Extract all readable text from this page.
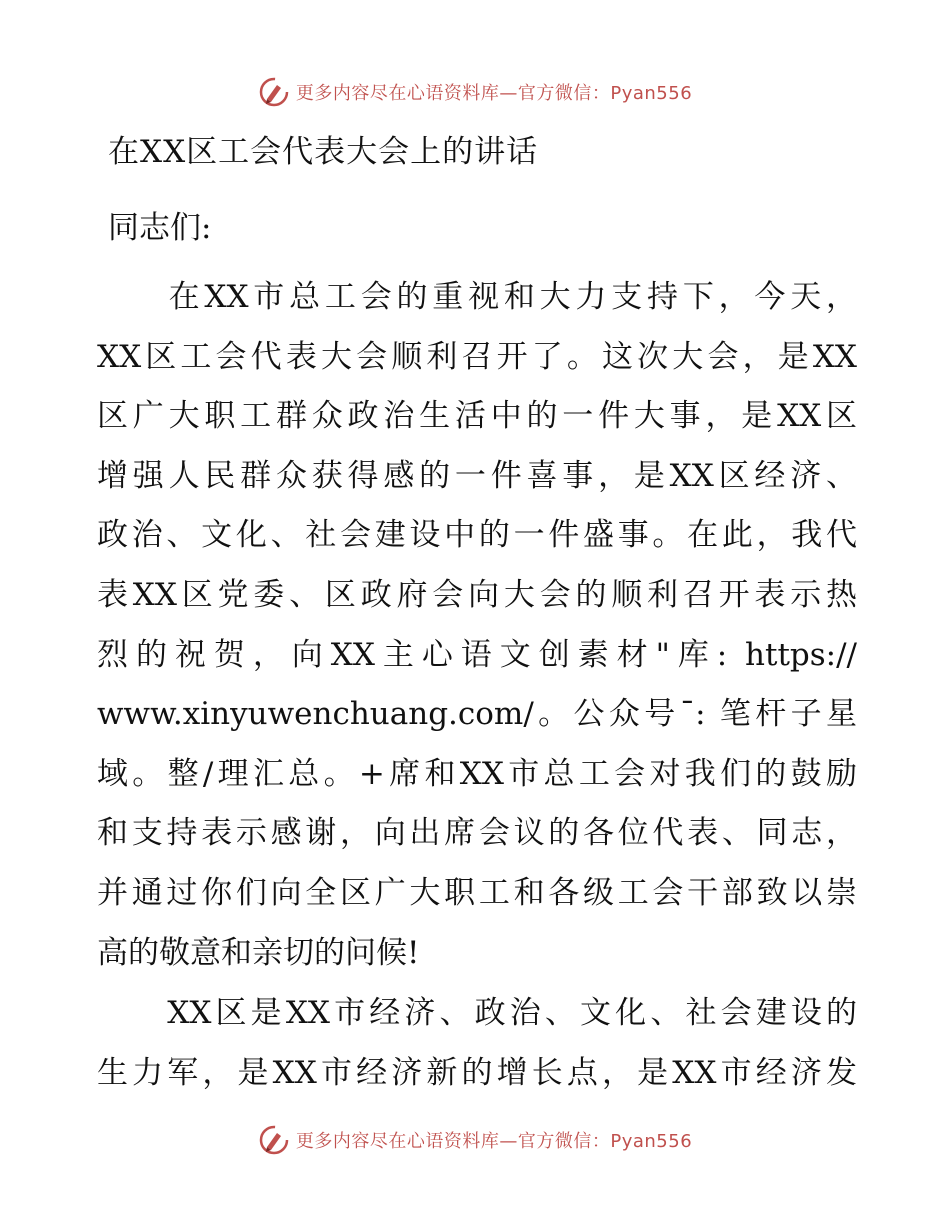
更多内容尽在心语资料库—官方微信：Pyan556
在XX区工会代表大会上的讲话
同志们:
　　在XX市总工会的重视和大力支持下，今天，
XX区工会代表大会顺利召开了。这次大会，是XX
区广大职工群众政治生活中的一件大事，是XX区
增强人民群众获得感的一件喜事，是XX区经济、
政治、文化、社会建设中的一件盛事。在此，我代
表XX区党委、区政府会向大会的顺利召开表示热
烈的祝贺，向XX主心语文创素材"库: https://
www.xinyuwenchuang.com/。公众号¯: 笔杆子星
域。整/理汇总。+席和XX市总工会对我们的鼓励
和支持表示感谢，向出席会议的各位代表、同志，
并通过你们向全区广大职工和各级工会干部致以崇
高的敬意和亲切的问候!
　　XX区是XX市经济、政治、文化、社会建设的
生力军，是XX市经济新的增长点，是XX市经济发
更多内容尽在心语资料库—官方微信：Pyan556
